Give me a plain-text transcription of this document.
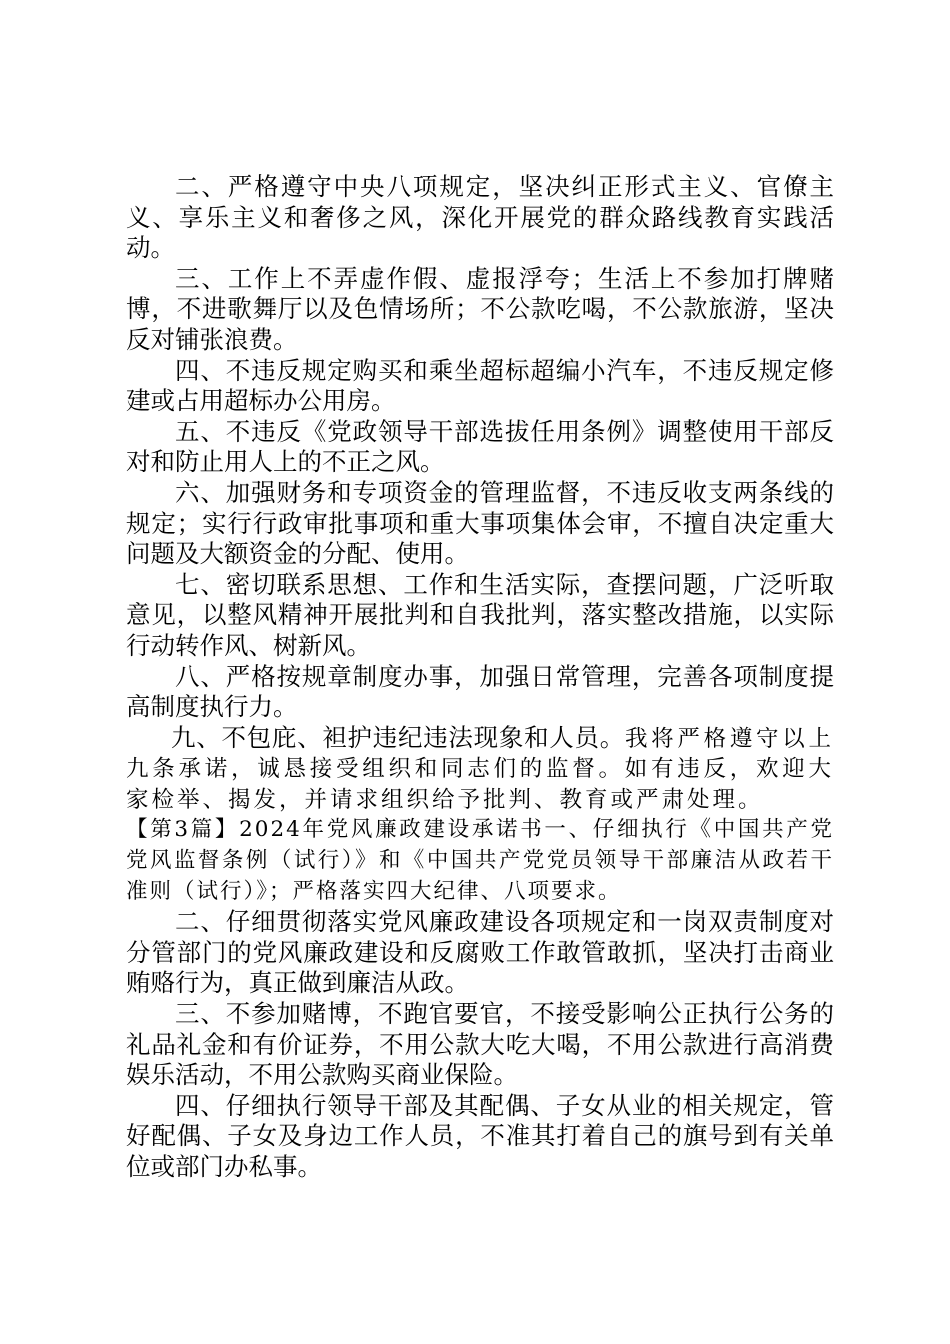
二、严格遵守中央八项规定，坚决纠正形式主义、官僚主义、享乐主义和奢侈之风，深化开展党的群众路线教育实践活动。

三、工作上不弄虚作假、虚报浮夸；生活上不参加打牌赌博，不进歌舞厅以及色情场所；不公款吃喝，不公款旅游，坚决反对铺张浪费。

四、不违反规定购买和乘坐超标超编小汽车，不违反规定修建或占用超标办公用房。

五、不违反《党政领导干部选拔任用条例》调整使用干部反对和防止用人上的不正之风。

六、加强财务和专项资金的管理监督，不违反收支两条线的规定；实行行政审批事项和重大事项集体会审，不擅自决定重大问题及大额资金的分配、使用。

七、密切联系思想、工作和生活实际，查摆问题，广泛听取意见，以整风精神开展批判和自我批判，落实整改措施，以实际行动转作风、树新风。

八、严格按规章制度办事，加强日常管理，完善各项制度提高制度执行力。

九、不包庇、袒护违纪违法现象和人员。我将严格遵守以上九条承诺，诚恳接受组织和同志们的监督。如有违反，欢迎大家检举、揭发，并请求组织给予批判、教育或严肃处理。

【第3篇】2024年党风廉政建设承诺书一、仔细执行《中国共产党党风监督条例（试行）》和《中国共产党党员领导干部廉洁从政若干准则（试行）》；严格落实四大纪律、八项要求。

二、仔细贯彻落实党风廉政建设各项规定和一岗双责制度对分管部门的党风廉政建设和反腐败工作敢管敢抓，坚决打击商业贿赂行为，真正做到廉洁从政。

三、不参加赌博，不跑官要官，不接受影响公正执行公务的礼品礼金和有价证券，不用公款大吃大喝，不用公款进行高消费娱乐活动，不用公款购买商业保险。

四、仔细执行领导干部及其配偶、子女从业的相关规定，管好配偶、子女及身边工作人员，不准其打着自己的旗号到有关单位或部门办私事。
